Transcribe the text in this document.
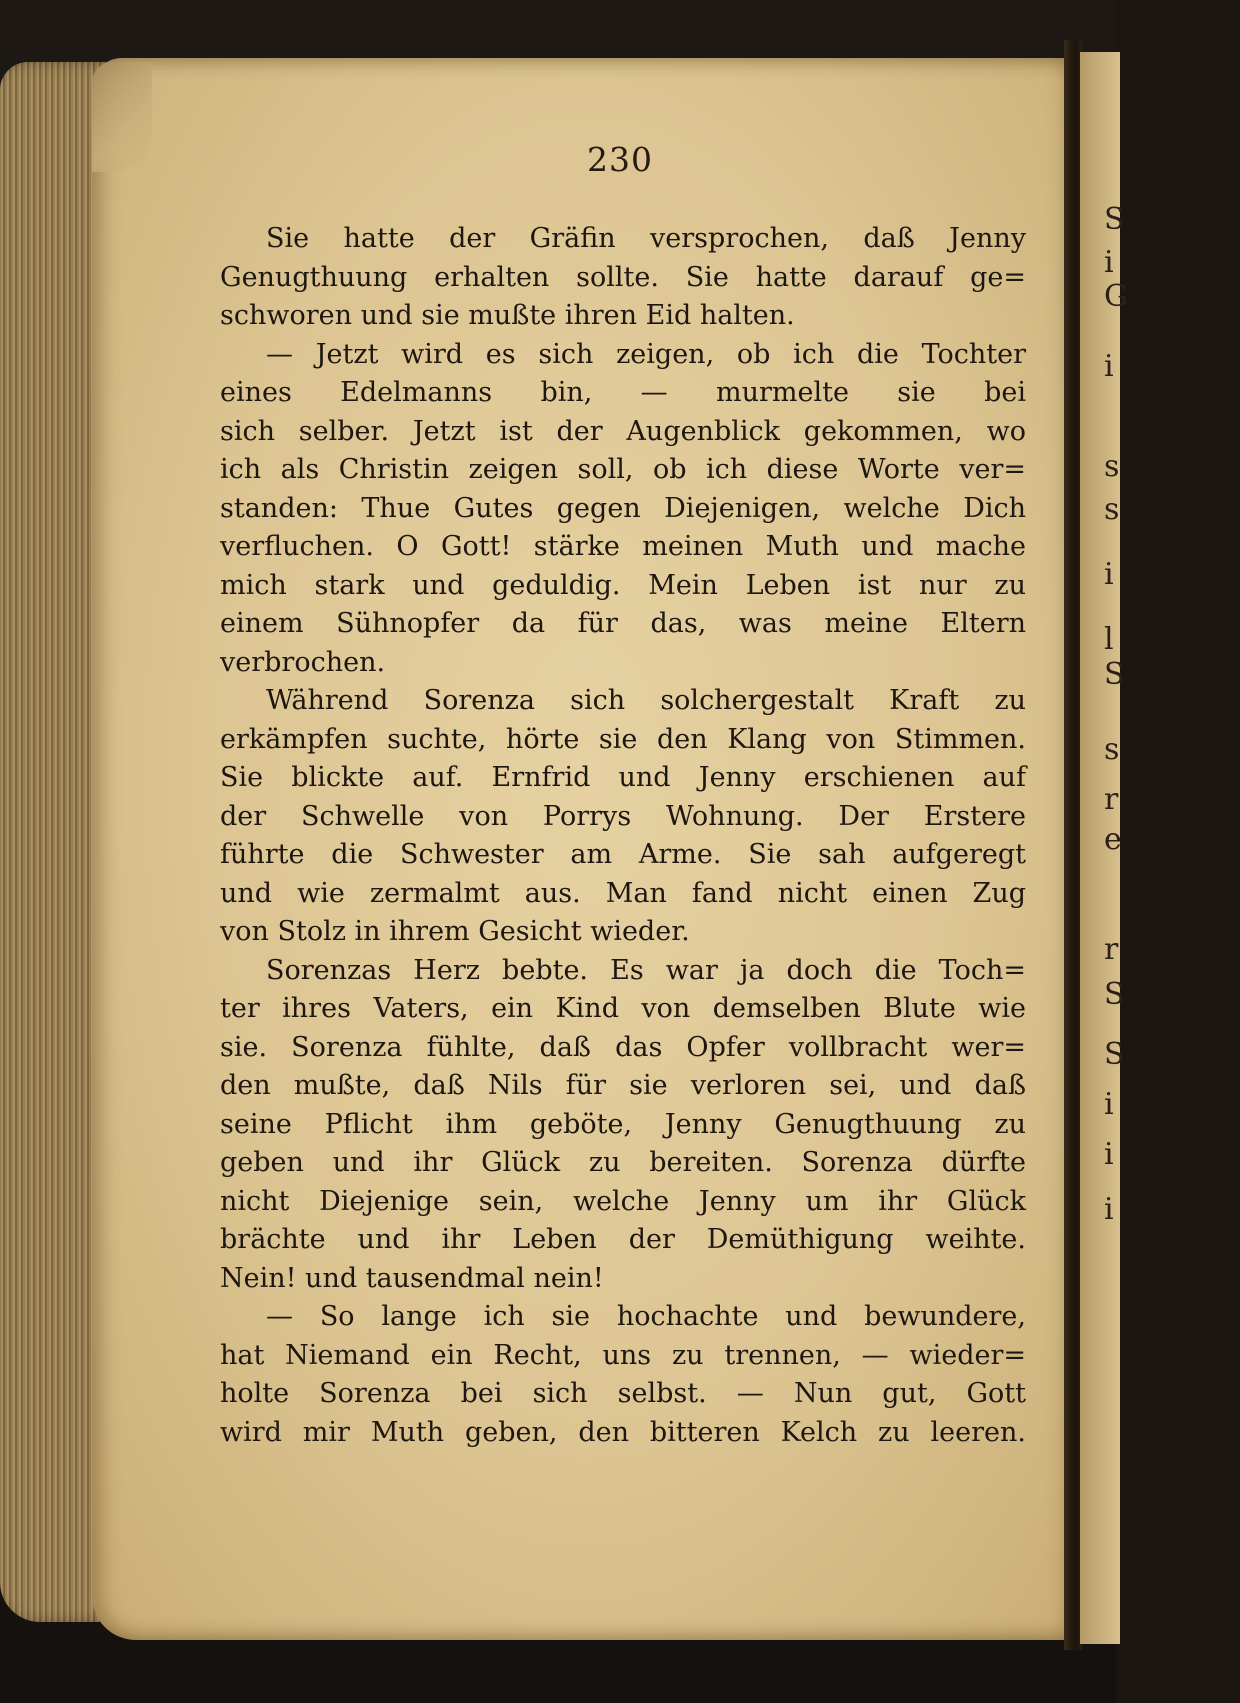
230
Sie hatte der Gräfin versprochen, daß Jenny
Genugthuung erhalten sollte. Sie hatte darauf ge=
schworen und sie mußte ihren Eid halten.
— Jetzt wird es sich zeigen, ob ich die Tochter
eines Edelmanns bin, — murmelte sie bei
sich selber. Jetzt ist der Augenblick gekommen, wo
ich als Christin zeigen soll, ob ich diese Worte ver=
standen: Thue Gutes gegen Diejenigen, welche Dich
verfluchen. O Gott! stärke meinen Muth und mache
mich stark und geduldig. Mein Leben ist nur zu
einem Sühnopfer da für das, was meine Eltern
verbrochen.
Während Sorenza sich solchergestalt Kraft zu
erkämpfen suchte, hörte sie den Klang von Stimmen.
Sie blickte auf. Ernfrid und Jenny erschienen auf
der Schwelle von Porrys Wohnung. Der Erstere
führte die Schwester am Arme. Sie sah aufgeregt
und wie zermalmt aus. Man fand nicht einen Zug
von Stolz in ihrem Gesicht wieder.
Sorenzas Herz bebte. Es war ja doch die Toch=
ter ihres Vaters, ein Kind von demselben Blute wie
sie. Sorenza fühlte, daß das Opfer vollbracht wer=
den mußte, daß Nils für sie verloren sei, und daß
seine Pflicht ihm geböte, Jenny Genugthuung zu
geben und ihr Glück zu bereiten. Sorenza dürfte
nicht Diejenige sein, welche Jenny um ihr Glück
brächte und ihr Leben der Demüthigung weihte.
Nein! und tausendmal nein!
— So lange ich sie hochachte und bewundere,
hat Niemand ein Recht, uns zu trennen, — wieder=
holte Sorenza bei sich selbst. — Nun gut, Gott
wird mir Muth geben, den bitteren Kelch zu leeren.
S
i
G
i
s
s
i
l
S
s
r
e
r
S
S
i
i
i
